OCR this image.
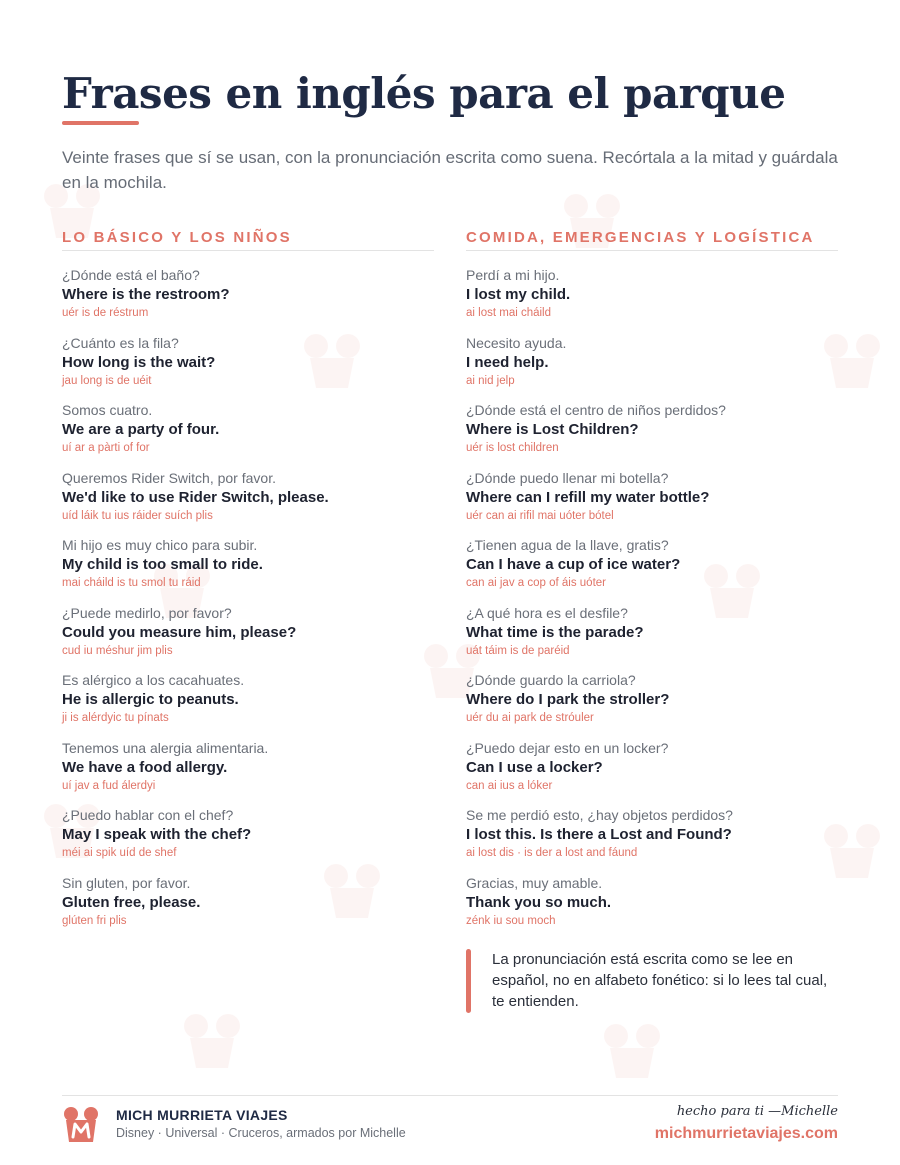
Frases en inglés para el parque

Veinte frases que sí se usan, con la pronunciación escrita como suena. Recórtala a la mitad y guárdala en la mochila.

LO BÁSICO Y LOS NIÑOS
¿Dónde está el baño?
Where is the restroom?
uér is de réstrum
¿Cuánto es la fila?
How long is the wait?
jau long is de uéit
Somos cuatro.
We are a party of four.
uí ar a pàrti of for
Queremos Rider Switch, por favor.
We'd like to use Rider Switch, please.
uíd láik tu ius ráider suích plis
Mi hijo es muy chico para subir.
My child is too small to ride.
mai cháild is tu smol tu ráid
¿Puede medirlo, por favor?
Could you measure him, please?
cud iu méshur jim plis
Es alérgico a los cacahuates.
He is allergic to peanuts.
ji is alérdyic tu pínats
Tenemos una alergia alimentaria.
We have a food allergy.
uí jav a fud álerdyi
¿Puedo hablar con el chef?
May I speak with the chef?
méi ai spik uíd de shef
Sin gluten, por favor.
Gluten free, please.
glúten fri plis
COMIDA, EMERGENCIAS Y LOGÍSTICA
Perdí a mi hijo.
I lost my child.
ai lost mai cháild
Necesito ayuda.
I need help.
ai nid jelp
¿Dónde está el centro de niños perdidos?
Where is Lost Children?
uér is lost children
¿Dónde puedo llenar mi botella?
Where can I refill my water bottle?
uér can ai rifil mai uóter bótel
¿Tienen agua de la llave, gratis?
Can I have a cup of ice water?
can ai jav a cop of áis uóter
¿A qué hora es el desfile?
What time is the parade?
uát táim is de paréid
¿Dónde guardo la carriola?
Where do I park the stroller?
uér du ai park de stróuler
¿Puedo dejar esto en un locker?
Can I use a locker?
can ai ius a lóker
Se me perdió esto, ¿hay objetos perdidos?
I lost this. Is there a Lost and Found?
ai lost dis · is der a lost and fáund
Gracias, muy amable.
Thank you so much.
zénk iu sou moch

La pronunciación está escrita como se lee en español, no en alfabeto fonético: si lo lees tal cual, te entienden.

MICH MURRIETA VIAJES
Disney · Universal · Cruceros, armados por Michelle
hecho para ti —Michelle
michmurrietaviajes.com
